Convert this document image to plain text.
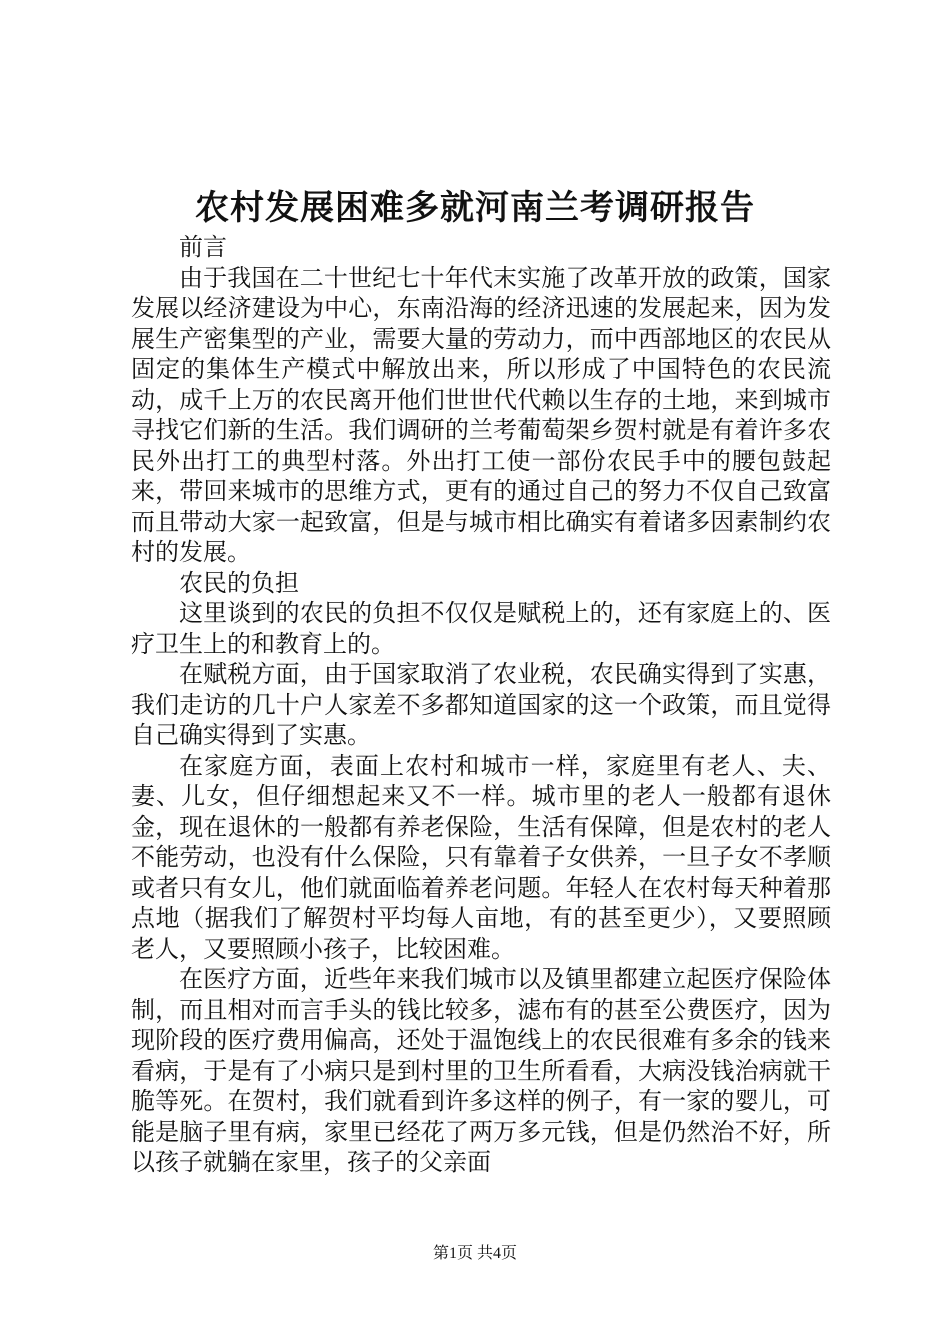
农村发展困难多就河南兰考调研报告

前言

由于我国在二十世纪七十年代末实施了改革开放的政策，国家发展以经济建设为中心，东南沿海的经济迅速的发展起来，因为发展生产密集型的产业，需要大量的劳动力，而中西部地区的农民从固定的集体生产模式中解放出来，所以形成了中国特色的农民流动，成千上万的农民离开他们世世代代赖以生存的土地，来到城市寻找它们新的生活。我们调研的兰考葡萄架乡贺村就是有着许多农民外出打工的典型村落。外出打工使一部份农民手中的腰包鼓起来，带回来城市的思维方式，更有的通过自己的努力不仅自己致富而且带动大家一起致富，但是与城市相比确实有着诸多因素制约农村的发展。

农民的负担

这里谈到的农民的负担不仅仅是赋税上的，还有家庭上的、医疗卫生上的和教育上的。

在赋税方面，由于国家取消了农业税，农民确实得到了实惠，我们走访的几十户人家差不多都知道国家的这一个政策，而且觉得自己确实得到了实惠。

在家庭方面，表面上农村和城市一样，家庭里有老人、夫、妻、儿女，但仔细想起来又不一样。城市里的老人一般都有退休金，现在退休的一般都有养老保险，生活有保障，但是农村的老人不能劳动，也没有什么保险，只有靠着子女供养，一旦子女不孝顺或者只有女儿，他们就面临着养老问题。年轻人在农村每天种着那点地（据我们了解贺村平均每人亩地，有的甚至更少），又要照顾老人，又要照顾小孩子，比较困难。

在医疗方面，近些年来我们城市以及镇里都建立起医疗保险体制，而且相对而言手头的钱比较多，滤布有的甚至公费医疗，因为现阶段的医疗费用偏高，还处于温饱线上的农民很难有多余的钱来看病，于是有了小病只是到村里的卫生所看看，大病没钱治病就干脆等死。在贺村，我们就看到许多这样的例子，有一家的婴儿，可能是脑子里有病，家里已经花了两万多元钱，但是仍然治不好，所以孩子就躺在家里，孩子的父亲面

第1页 共4页
